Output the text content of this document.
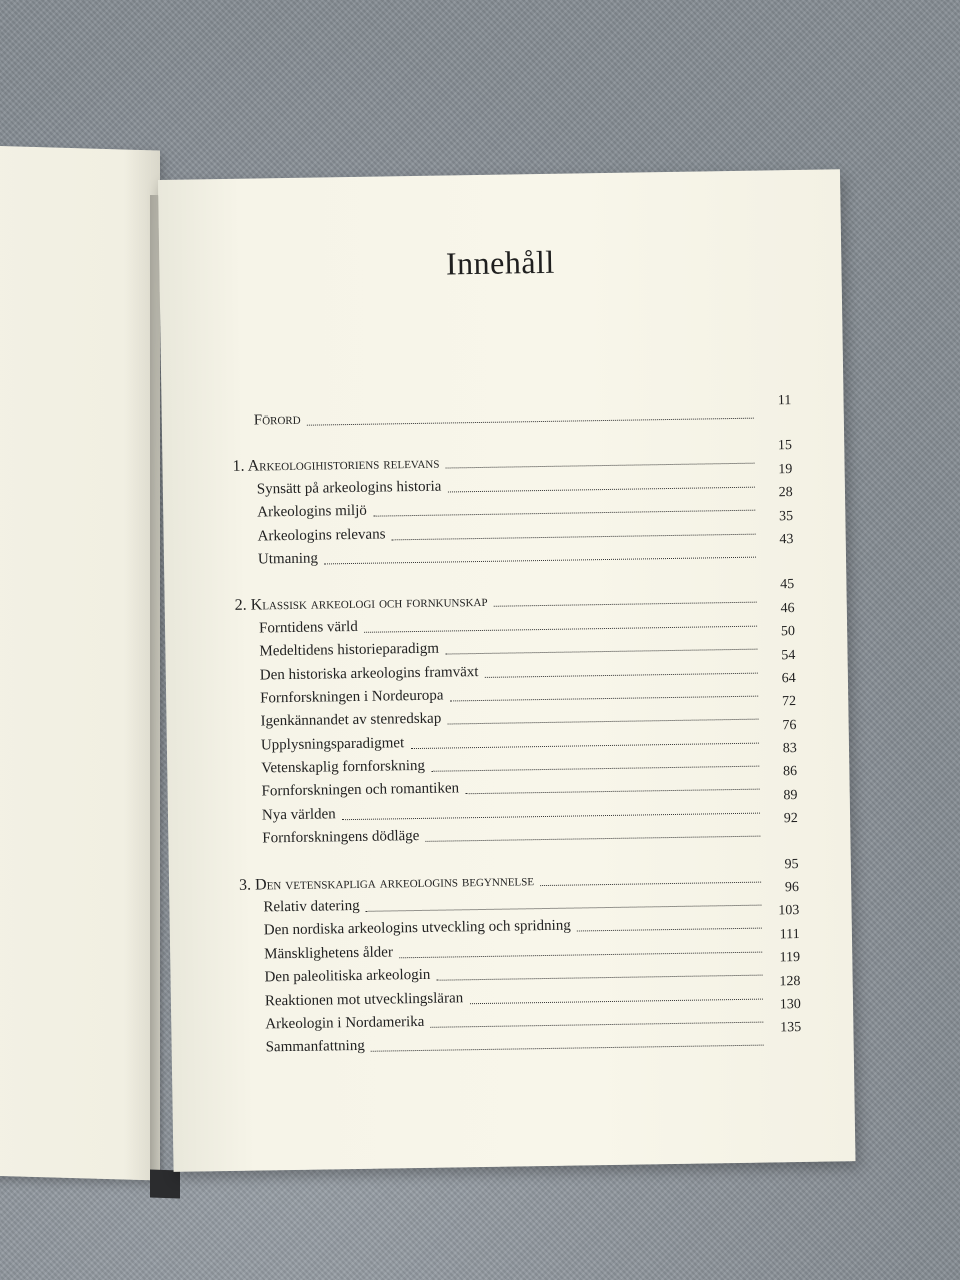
Innehåll
Förord
11
1. Arkeologihistoriens relevans
15
Synsätt på arkeologins historia
19
Arkeologins miljö
28
Arkeologins relevans
35
Utmaning
43
2. Klassisk arkeologi och fornkunskap
45
Forntidens värld
46
Medeltidens historieparadigm
50
Den historiska arkeologins framväxt
54
Fornforskningen i Nordeuropa
64
Igenkännandet av stenredskap
72
Upplysningsparadigmet
76
Vetenskaplig fornforskning
83
Fornforskningen och romantiken
86
Nya världen
89
Fornforskningens dödläge
92
3. Den vetenskapliga arkeologins begynnelse
95
Relativ datering
96
Den nordiska arkeologins utveckling och spridning
103
Mänsklighetens ålder
111
Den paleolitiska arkeologin
119
Reaktionen mot utvecklingsläran
128
Arkeologin i Nordamerika
130
Sammanfattning
135
